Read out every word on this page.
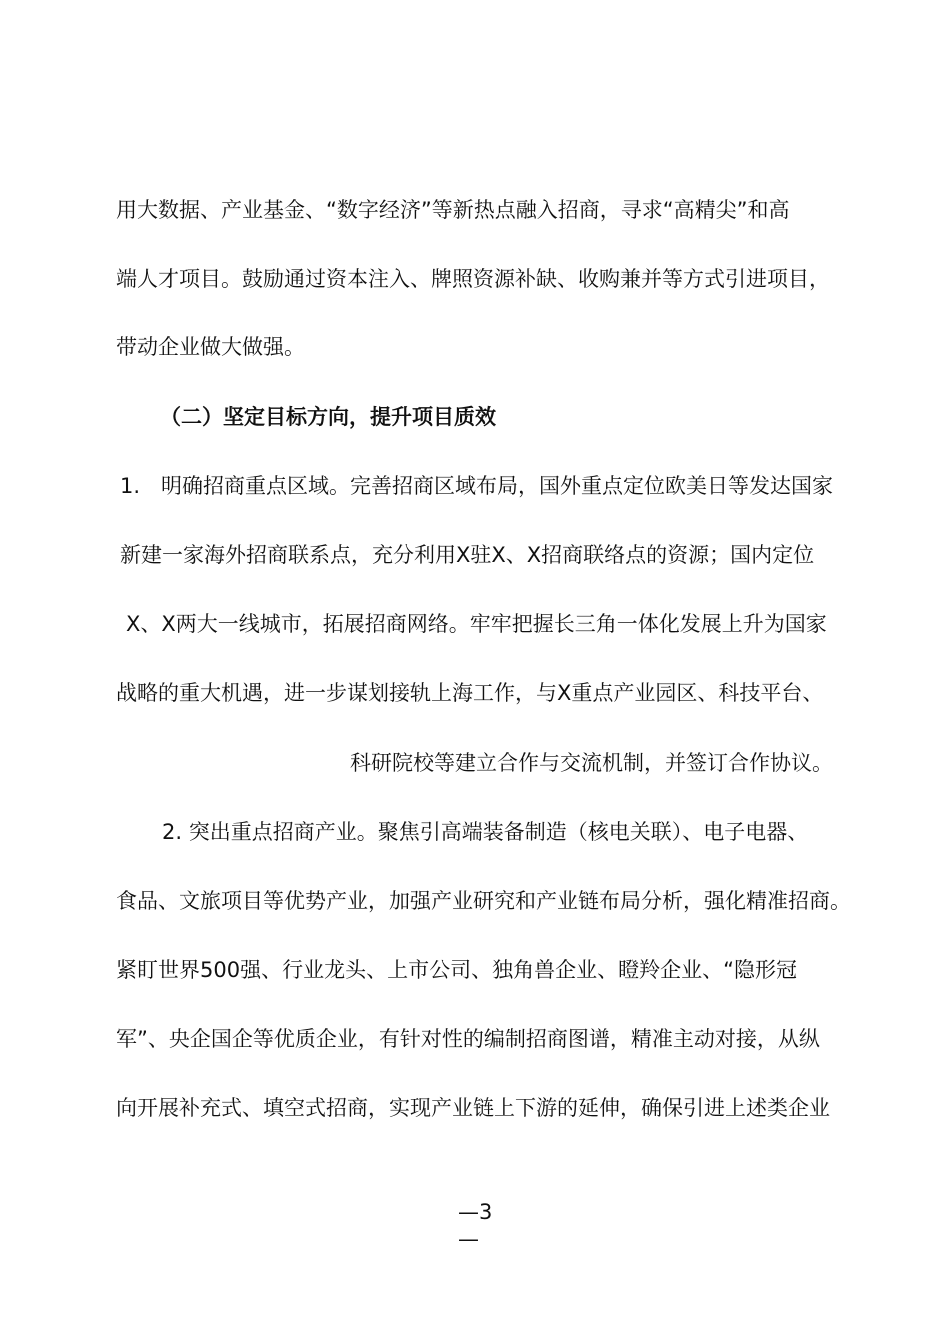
用大数据、产业基金、“数字经济”等新热点融入招商，寻求“高精尖”和高
端人才项目。鼓励通过资本注入、牌照资源补缺、收购兼并等方式引进项目，
带动企业做大做强。
（二）坚定目标方向，提升项目质效
1.　明确招商重点区域。完善招商区域布局，国外重点定位欧美日等发达国家
新建一家海外招商联系点，充分利用X驻X、X招商联络点的资源；国内定位
X、X两大一线城市，拓展招商网络。牢牢把握长三角一体化发展上升为国家
战略的重大机遇，进一步谋划接轨上海工作，与X重点产业园区、科技平台、
科研院校等建立合作与交流机制，并签订合作协议。
2. 突出重点招商产业。聚焦引高端装备制造（核电关联）、电子电器、
食品、文旅项目等优势产业，加强产业研究和产业链布局分析，强化精准招商。
紧盯世界500强、行业龙头、上市公司、独角兽企业、瞪羚企业、“隐形冠
军”、央企国企等优质企业，有针对性的编制招商图谱，精准主动对接，从纵
向开展补充式、填空式招商，实现产业链上下游的延伸，确保引进上述类企业
—3
—
